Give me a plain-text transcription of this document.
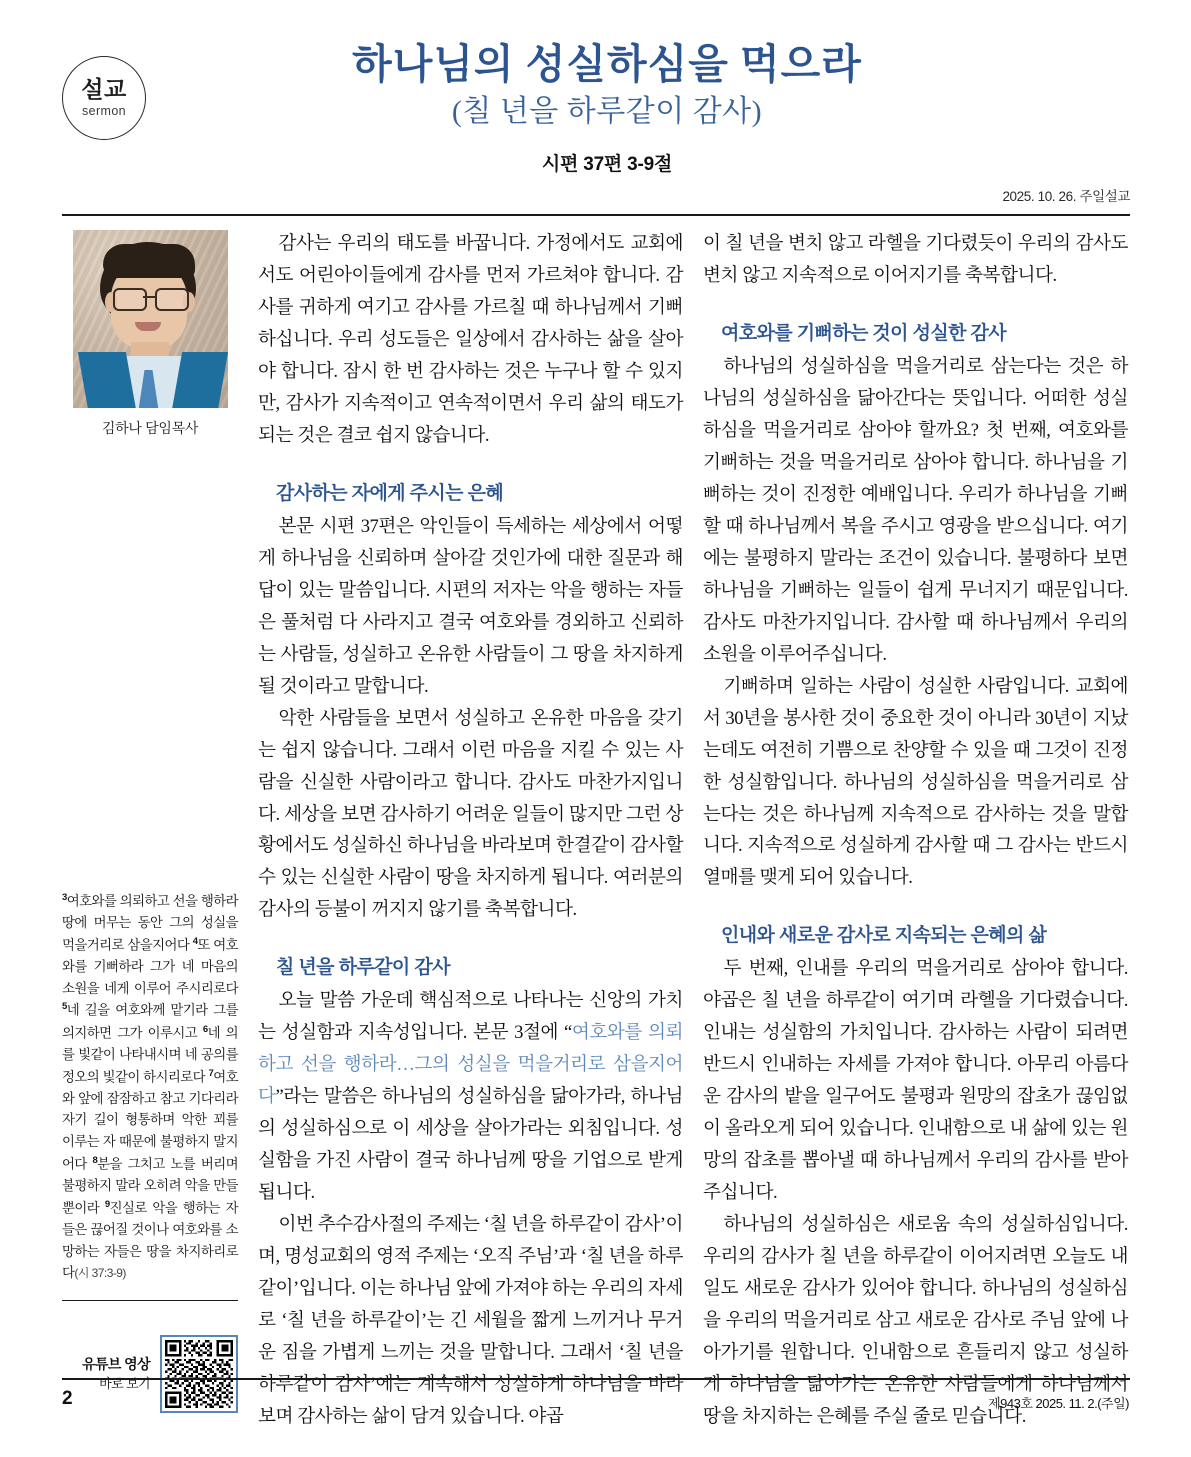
설교
sermon
하나님의 성실하심을 먹으라
(칠 년을 하루같이 감사)
시편 37편 3-9절
2025. 10. 26. 주일설교
김하나 담임목사

$^3$여호와를 의뢰하고 선을 행하라 땅에 머무는 동안 그의 성실을 먹을거리로 삼을지어다 $^4$또 여호와를 기뻐하라 그가 네 마음의 소원을 네게 이루어 주시리로다 $^5$네 길을 여호와께 맡기라 그를 의지하면 그가 이루시고 $^6$네 의를 빛같이 나타내시며 네 공의를 정오의 빛같이 하시리로다 $^7$여호와 앞에 잠잠하고 참고 기다리라 자기 길이 형통하며 악한 꾀를 이루는 자 때문에 불평하지 말지어다 $^8$분을 그치고 노를 버리며 불평하지 말라 오히려 악을 만들 뿐이라 $^9$진실로 악을 행하는 자들은 끊어질 것이나 여호와를 소망하는 자들은 땅을 차지하리로다(시 37:3-9)

유튜브 영상
바로 보기

감사는 우리의 태도를 바꿉니다. 가정에서도 교회에서도 어린아이들에게 감사를 먼저 가르쳐야 합니다. 감사를 귀하게 여기고 감사를 가르칠 때 하나님께서 기뻐하십니다. 우리 성도들은 일상에서 감사하는 삶을 살아야 합니다. 잠시 한 번 감사하는 것은 누구나 할 수 있지만, 감사가 지속적이고 연속적이면서 우리 삶의 태도가 되는 것은 결코 쉽지 않습니다.

감사하는 자에게 주시는 은혜

본문 시편 37편은 악인들이 득세하는 세상에서 어떻게 하나님을 신뢰하며 살아갈 것인가에 대한 질문과 해답이 있는 말씀입니다. 시편의 저자는 악을 행하는 자들은 풀처럼 다 사라지고 결국 여호와를 경외하고 신뢰하는 사람들, 성실하고 온유한 사람들이 그 땅을 차지하게 될 것이라고 말합니다.

악한 사람들을 보면서 성실하고 온유한 마음을 갖기는 쉽지 않습니다. 그래서 이런 마음을 지킬 수 있는 사람을 신실한 사람이라고 합니다. 감사도 마찬가지입니다. 세상을 보면 감사하기 어려운 일들이 많지만 그런 상황에서도 성실하신 하나님을 바라보며 한결같이 감사할 수 있는 신실한 사람이 땅을 차지하게 됩니다. 여러분의 감사의 등불이 꺼지지 않기를 축복합니다.

칠 년을 하루같이 감사

오늘 말씀 가운데 핵심적으로 나타나는 신앙의 가치는 성실함과 지속성입니다. 본문 3절에 “여호와를 의뢰하고 선을 행하라…그의 성실을 먹을거리로 삼을지어다”라는 말씀은 하나님의 성실하심을 닮아가라, 하나님의 성실하심으로 이 세상을 살아가라는 외침입니다. 성실함을 가진 사람이 결국 하나님께 땅을 기업으로 받게 됩니다.

이번 추수감사절의 주제는 ‘칠 년을 하루같이 감사’이며, 명성교회의 영적 주제는 ‘오직 주님’과 ‘칠 년을 하루같이’입니다. 이는 하나님 앞에 가져야 하는 우리의 자세로 ‘칠 년을 하루같이’는 긴 세월을 짧게 느끼거나 무거운 짐을 가볍게 느끼는 것을 말합니다. 그래서 ‘칠 년을 하루같이 감사’에는 계속해서 성실하게 하나님을 바라보며 감사하는 삶이 담겨 있습니다. 야곱

이 칠 년을 변치 않고 라헬을 기다렸듯이 우리의 감사도 변치 않고 지속적으로 이어지기를 축복합니다.

여호와를 기뻐하는 것이 성실한 감사

하나님의 성실하심을 먹을거리로 삼는다는 것은 하나님의 성실하심을 닮아간다는 뜻입니다. 어떠한 성실하심을 먹을거리로 삼아야 할까요? 첫 번째, 여호와를 기뻐하는 것을 먹을거리로 삼아야 합니다. 하나님을 기뻐하는 것이 진정한 예배입니다. 우리가 하나님을 기뻐할 때 하나님께서 복을 주시고 영광을 받으십니다. 여기에는 불평하지 말라는 조건이 있습니다. 불평하다 보면 하나님을 기뻐하는 일들이 쉽게 무너지기 때문입니다. 감사도 마찬가지입니다. 감사할 때 하나님께서 우리의 소원을 이루어주십니다.

기뻐하며 일하는 사람이 성실한 사람입니다. 교회에서 30년을 봉사한 것이 중요한 것이 아니라 30년이 지났는데도 여전히 기쁨으로 찬양할 수 있을 때 그것이 진정한 성실함입니다. 하나님의 성실하심을 먹을거리로 삼는다는 것은 하나님께 지속적으로 감사하는 것을 말합니다. 지속적으로 성실하게 감사할 때 그 감사는 반드시 열매를 맺게 되어 있습니다.

인내와 새로운 감사로 지속되는 은혜의 삶

두 번째, 인내를 우리의 먹을거리로 삼아야 합니다. 야곱은 칠 년을 하루같이 여기며 라헬을 기다렸습니다. 인내는 성실함의 가치입니다. 감사하는 사람이 되려면 반드시 인내하는 자세를 가져야 합니다. 아무리 아름다운 감사의 밭을 일구어도 불평과 원망의 잡초가 끊임없이 올라오게 되어 있습니다. 인내함으로 내 삶에 있는 원망의 잡초를 뽑아낼 때 하나님께서 우리의 감사를 받아주십니다.

하나님의 성실하심은 새로움 속의 성실하심입니다. 우리의 감사가 칠 년을 하루같이 이어지려면 오늘도 내일도 새로운 감사가 있어야 합니다. 하나님의 성실하심을 우리의 먹을거리로 삼고 새로운 감사로 주님 앞에 나아가기를 원합니다. 인내함으로 흔들리지 않고 성실하게 하나님을 닮아가는 온유한 사람들에게 하나님께서 땅을 차지하는 은혜를 주실 줄로 믿습니다.

2	제943호 2025. 11. 2.(주일)
